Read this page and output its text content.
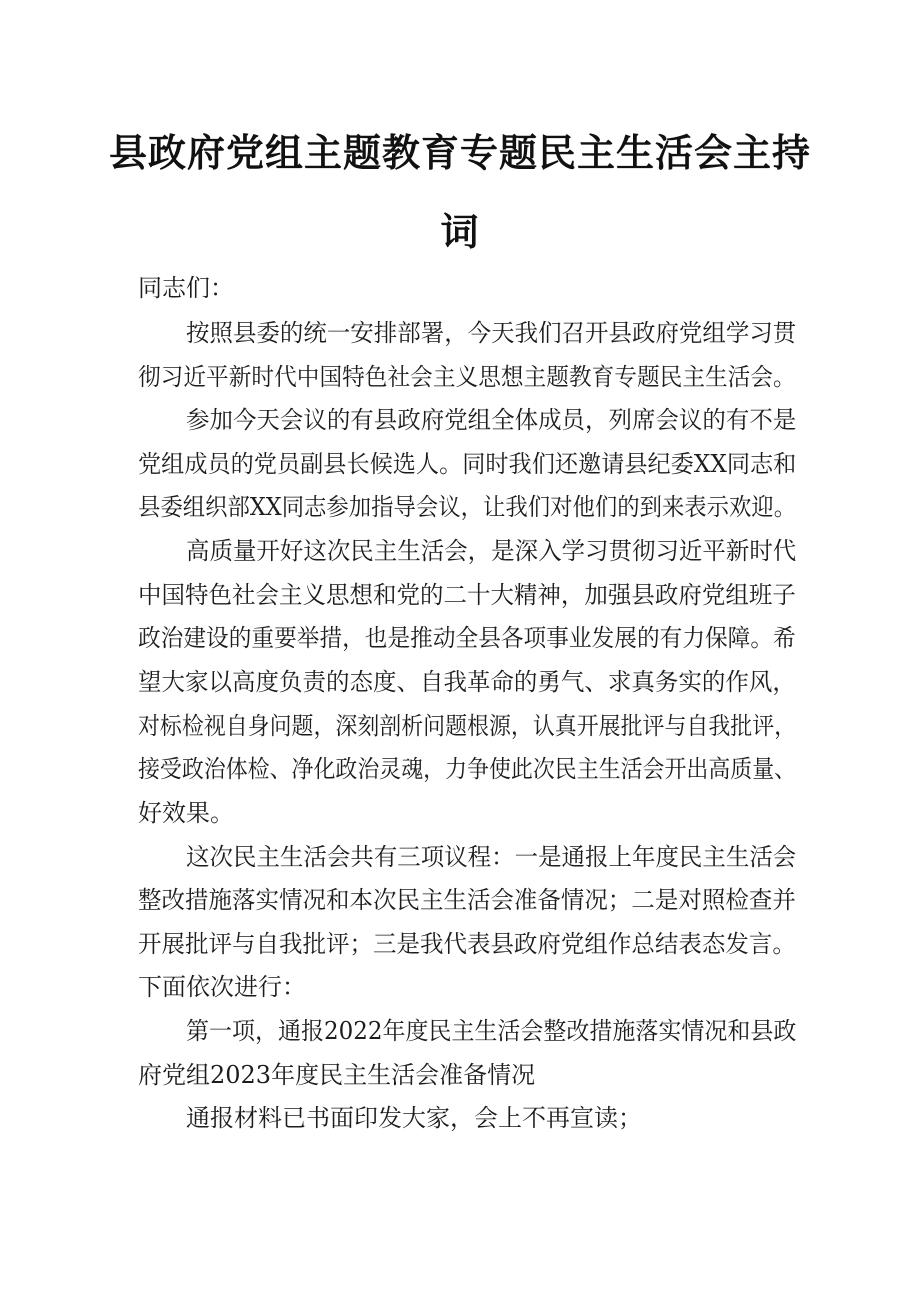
县政府党组主题教育专题民主生活会主持
词
同志们：
按照县委的统一安排部署，今天我们召开县政府党组学习贯
彻习近平新时代中国特色社会主义思想主题教育专题民主生活会。
参加今天会议的有县政府党组全体成员，列席会议的有不是
党组成员的党员副县长候选人。同时我们还邀请县纪委XX同志和
县委组织部XX同志参加指导会议，让我们对他们的到来表示欢迎。
高质量开好这次民主生活会，是深入学习贯彻习近平新时代
中国特色社会主义思想和党的二十大精神，加强县政府党组班子
政治建设的重要举措，也是推动全县各项事业发展的有力保障。希
望大家以高度负责的态度、自我革命的勇气、求真务实的作风，
对标检视自身问题，深刻剖析问题根源，认真开展批评与自我批评，
接受政治体检、净化政治灵魂，力争使此次民主生活会开出高质量、
好效果。
这次民主生活会共有三项议程：一是通报上年度民主生活会
整改措施落实情况和本次民主生活会准备情况；二是对照检查并
开展批评与自我批评；三是我代表县政府党组作总结表态发言。
下面依次进行：
第一项，通报2022年度民主生活会整改措施落实情况和县政
府党组2023年度民主生活会准备情况
通报材料已书面印发大家，会上不再宣读；
